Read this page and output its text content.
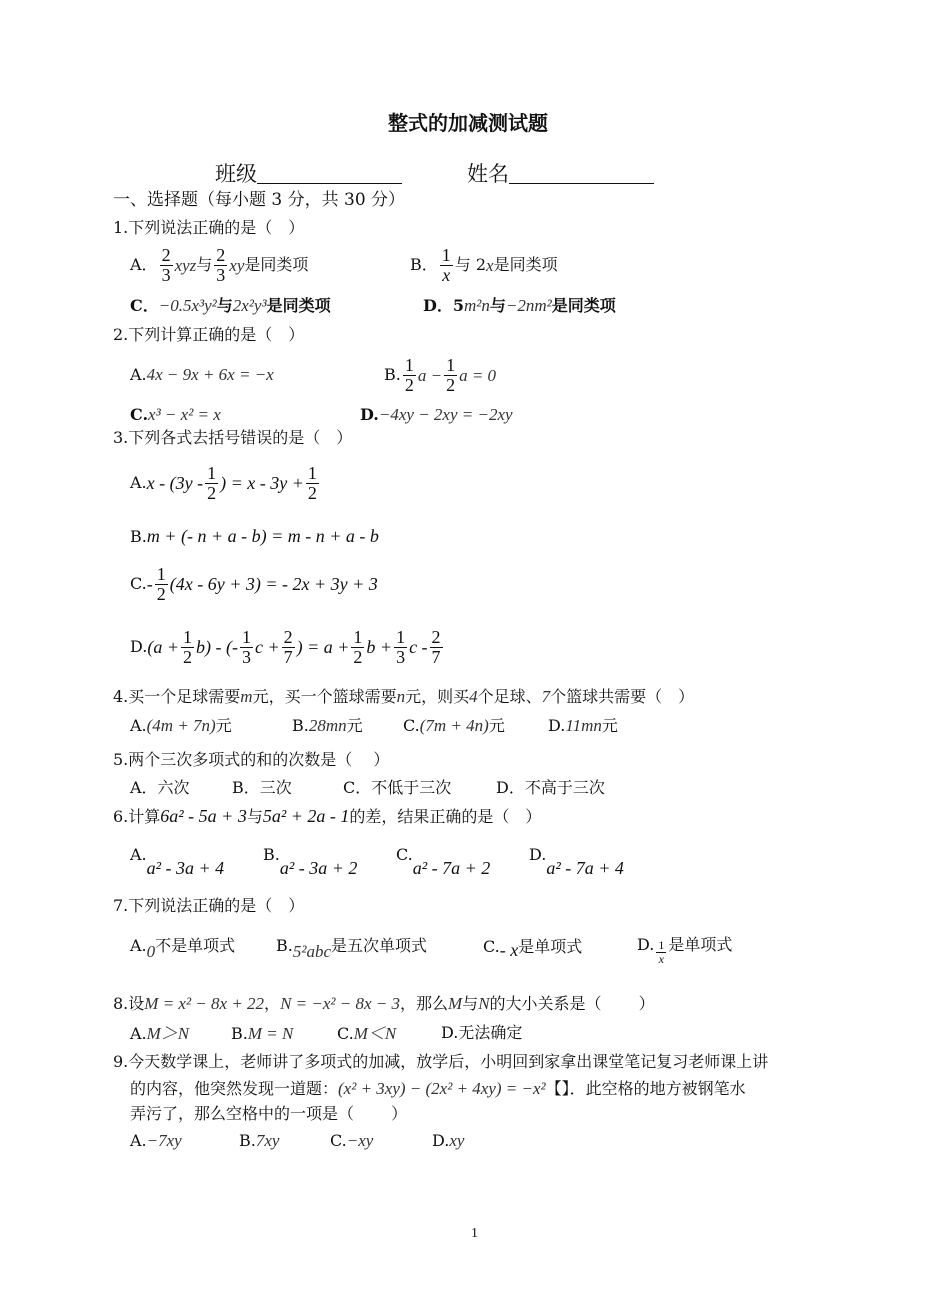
整式的加减测试题
班级	姓名
一、选择题（每小题 3 分，共 30 分）
1.下列说法正确的是（　）
A． $\frac{2}{3}$ xyz 与 $\frac{2}{3}$ xy 是同类项	B． $\frac{1}{x}$ 与 2 x 是同类项
C．−0.5x³y²与2x²y³是同类项	D．5m²n与−2nm²是同类项
2.下列计算正确的是（　）
A.4x − 9x + 6x = −x	B. $\frac{1}{2}$ $a - \frac{1}{2}$ a = 0
C.x³ − x² = x	D.−4xy − 2xy = −2xy
3.下列各式去括号错误的是（　）
A. x - ($3y - \frac{1}{2}$ ) = $x - 3y + \frac{1}{2}$
B.m + (- n + a - b) = m - n + a - b
C. - $\frac{1}{2} (4x - 6y + 3)$ = - 2x + 3y + 3
D. $(a + \frac{1}{2} b)$ - (- $\frac{1}{3}$ $c + \frac{2}{7}$ ) = $a + \frac{1}{2}$ $b + \frac{1}{3}$ c - $\frac{2}{7}$
4.买一个足球需要m元，买一个篮球需要n元，则买4个足球、7个篮球共需要（　）
A.(4m + 7n)元	B.28mn元	C.(7m + 4n)元	D.11mn元
5.两个三次多项式的和的次数是（　 ）
A．六次	B．三次	C．不低于三次	D．不高于三次
6.计算6a² - 5a + 3与5a² + 2a - 1的差，结果正确的是（　）
A.a² - 3a + 4
B.a² - 3a + 2
C.a² - 7a + 2
D.a² - 7a + 4
7.下列说法正确的是（　）
A.0不是单项式	B.5²abc是五次单项式	C.- x是单项式	D. $\frac{1}{x}$ 是单项式
8.设M = x² − 8x + 22，N = −x² − 8x − 3，那么M与N的大小关系是（　　 ）
A.M＞N	B.M = N	C.M＜N	D.无法确定
9.今天数学课上，老师讲了多项式的加减，放学后，小明回到家拿出课堂笔记复习老师课上讲
的内容，他突然发现一道题：(x² + 3xy) − (2x² + 4xy) = −x²【】．此空格的地方被钢笔水
弄污了，那么空格中的一项是（　　 ）
A.−7xy	B.7xy	C.−xy	D.xy
1
